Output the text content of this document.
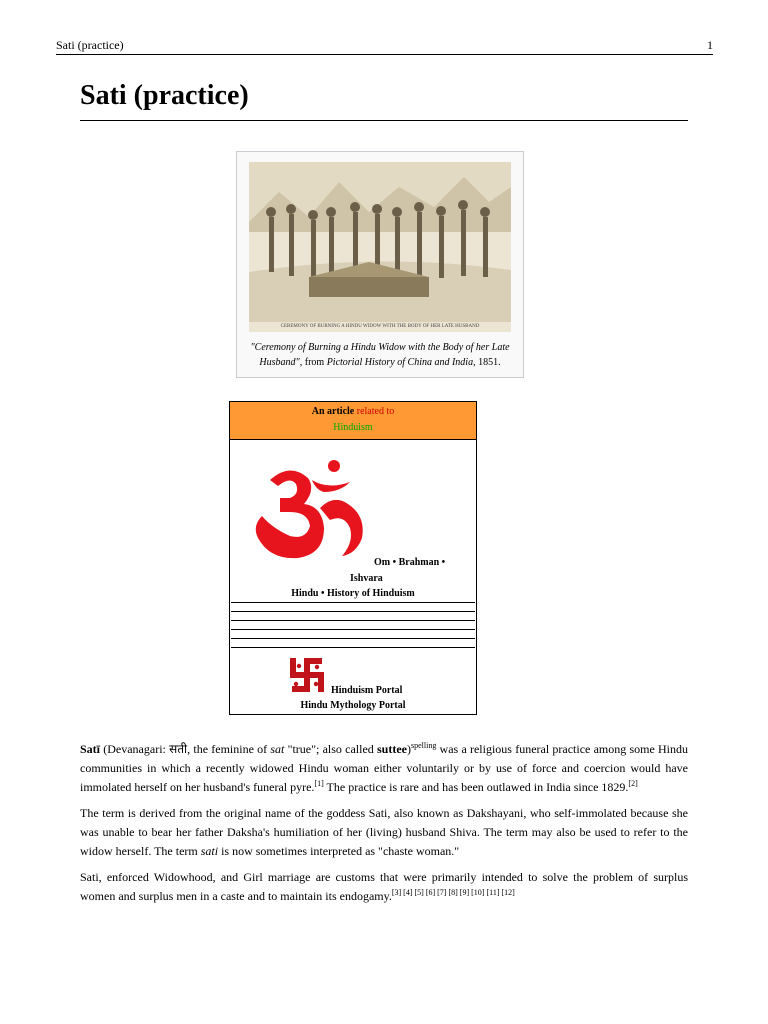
Sati (practice)	1
Sati (practice)
CEREMONY OF BURNING A HINDU WIDOW WITH THE BODY OF HER LATE HUSBAND
"Ceremony of Burning a Hindu Widow with the Body of her Late Husband", from Pictorial History of China and India, 1851.
An article related to
Hinduism
Om • Brahman •
Ishvara
Hindu • History of Hinduism
Hinduism Portal
Hindu Mythology Portal

Satī (Devanagari: सती, the feminine of sat "true"; also called suttee)$^{spelling}$ was a religious funeral practice among some Hindu communities in which a recently widowed Hindu woman either voluntarily or by use of force and coercion would have immolated herself on her husband's funeral pyre.[1] The practice is rare and has been outlawed in India since 1829.[2]

The term is derived from the original name of the goddess Sati, also known as Dakshayani, who self-immolated because she was unable to bear her father Daksha's humiliation of her (living) husband Shiva. The term may also be used to refer to the widow herself. The term sati is now sometimes interpreted as "chaste woman."

Sati, enforced Widowhood, and Girl marriage are customs that were primarily intended to solve the problem of surplus women and surplus men in a caste and to maintain its endogamy.[3] [4] [5] [6] [7] [8] [9] [10] [11] [12]
